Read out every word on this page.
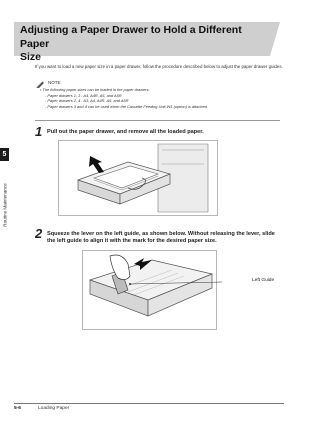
Adjusting a Paper Drawer to Hold a Different Paper
Size
If you want to load a new paper size in a paper drawer, follow the procedure described below to adjust the paper drawer guides.
NOTE
• The following paper sizes can be loaded in the paper drawers:
- Paper drawers 1, 3 : A4, A4R, A5, and A5R
- Paper drawers 2, 4 : A3, A4, A4R, A5, and A5R
- Paper drawers 3 and 4 can be used when the Cassette Feeding Unit-W1 (option) is attached.
1 Pull out the paper drawer, and remove all the loaded paper.
2 Squeeze the lever on the left guide, as shown below. Without releasing the lever, slide the left guide to align it with the mark for the desired paper size.
Left Guide
5
Routine Maintenance
5-6	Loading Paper
